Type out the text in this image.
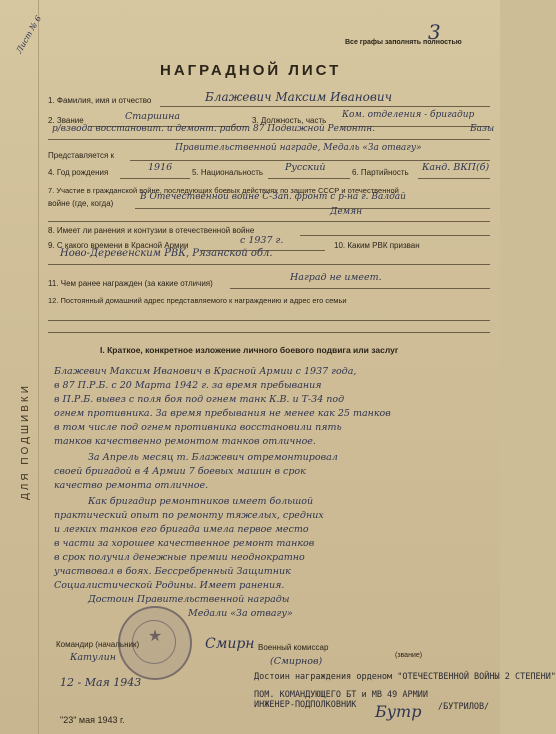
ДЛЯ ПОДШИВКИ
Лист № 6	Все графы заполнять полностью
3
НАГРАДНОЙ ЛИСТ
1. Фамилия, имя и отчество	Блажевич Максим Иванович
2. Звание	Старшина	3. Должность, часть
Ком. отделения - бригадир
р/взвода восстановит. и демонт. работ 87 Подвижной Ремонтн.	Базы
Представляется к
Правительственной награде, Медаль «За отвагу»
4. Год рождения	1916 5. Национальность Русский	6. Партийность Канд. ВКП(б)
7. Участие в гражданской войне, последующих боевых действиях по защите СССР и отечественной
войне (где, когда)
В Отечественной войне С-Зап. фронт с р-на г. Валдай
Демян
8. Имеет ли ранения и контузии в отечественной войне
9. С какого времени в Красной Армии	с 1937 г.	10. Каким РВК призван
Ново-Деревенским РВК, Рязанской обл.
11. Чем ранее награжден (за какие отличия)
Наград не имеет.
12. Постоянный домашний адрес представляемого к награждению и адрес его семьи
I. Краткое, конкретное изложение личного боевого подвига или заслуг
Блажевич Максим Иванович в Красной Армии с 1937 года,
в 87 П.Р.Б. с 20 Марта 1942 г. за время пребывания
в П.Р.Б. вывез с поля боя под огнем танк К.В. и Т-34 под
огнем противника. За время пребывания не менее как 25 танков
в том числе под огнем противника восстановили пять
танков качественно ремонтом танков отличное.
За Апрель месяц т. Блажевич отремонтировал
своей бригадой в 4 Армии 7 боевых машин в срок
качество ремонта отличное.
Как бригадир ремонтников имеет большой
практический опыт по ремонту тяжелых, средних
и легких танков его бригада имела первое место
в части за хорошее качественное ремонт танков
в срок получил денежные премии неоднократно
участвовал в боях. Бессребренный Защитник
Социалистической Родины. Имеет ранения.
Достоин Правительственной награды
Медали «За отвагу»
★
Командир (начальник)
Катулин
Военный комиссар
Смирн
(Смирнов)
(звание)
12 - Мая 1943	Достоин награждения орденом "ОТЕЧЕСТВЕННОЙ ВОЙНЫ 2 СТЕПЕНИ"
ПОМ. КОМАНДУЮЩЕГО БТ и МВ 49 АРМИИ
ИНЖЕНЕР-ПОДПОЛКОВНИК Бутр /БУТРИЛОВ/
"23" мая 1943 г.
